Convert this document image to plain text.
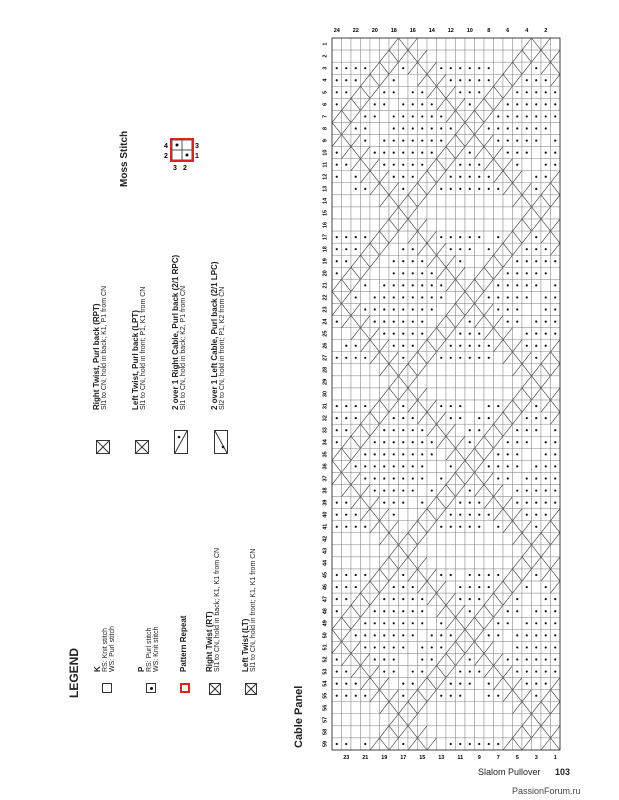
LEGEND K RS: Knit stitch WS: Purl stitch	P RS: Purl stitch WS: Knit stitch Pattern Repeat Right Twist (RT) Sl1 to CN, hold in back; K1, K1 from CN	Left Twist (LT) Sl1 to CN, hold in front; K1, K1 from CN
Right Twist, Purl back (RPT) Sl1 to CN, hold in back; K1, P1 from CN	Left Twist, Purl back (LPT) Sl1 to CN, hold in front; P1, K1 from CN	2 over 1 Right Cable, Purl back (2/1 RPC) Sl1 to CN, hold in back; K2, P1 from CN	2 over 1 Left Cable, Purl back (2/1 LPC) Sl2 to CN, hold in front; P1, K2 from CN
Moss Stitch	3 2
4	3
2	1
Cable Panel
1
2
3
4
5
6
7
8
9
10
11
12
13
14
15
16
17
18
19
20
21
22
23
24
25
26
27
28
29
30
31
32
33
34
35
36
37
38
39
40
41
42
43
44
45
46
47
48
49
50
51
52
53
54
55
56
57
58
59
24
23
22
21
20
19
18
17
16
15
14
13
12
11
10
9
8
7
6
5
4
3
2
1
Slalom Pullover 103
PassionForum.ru
